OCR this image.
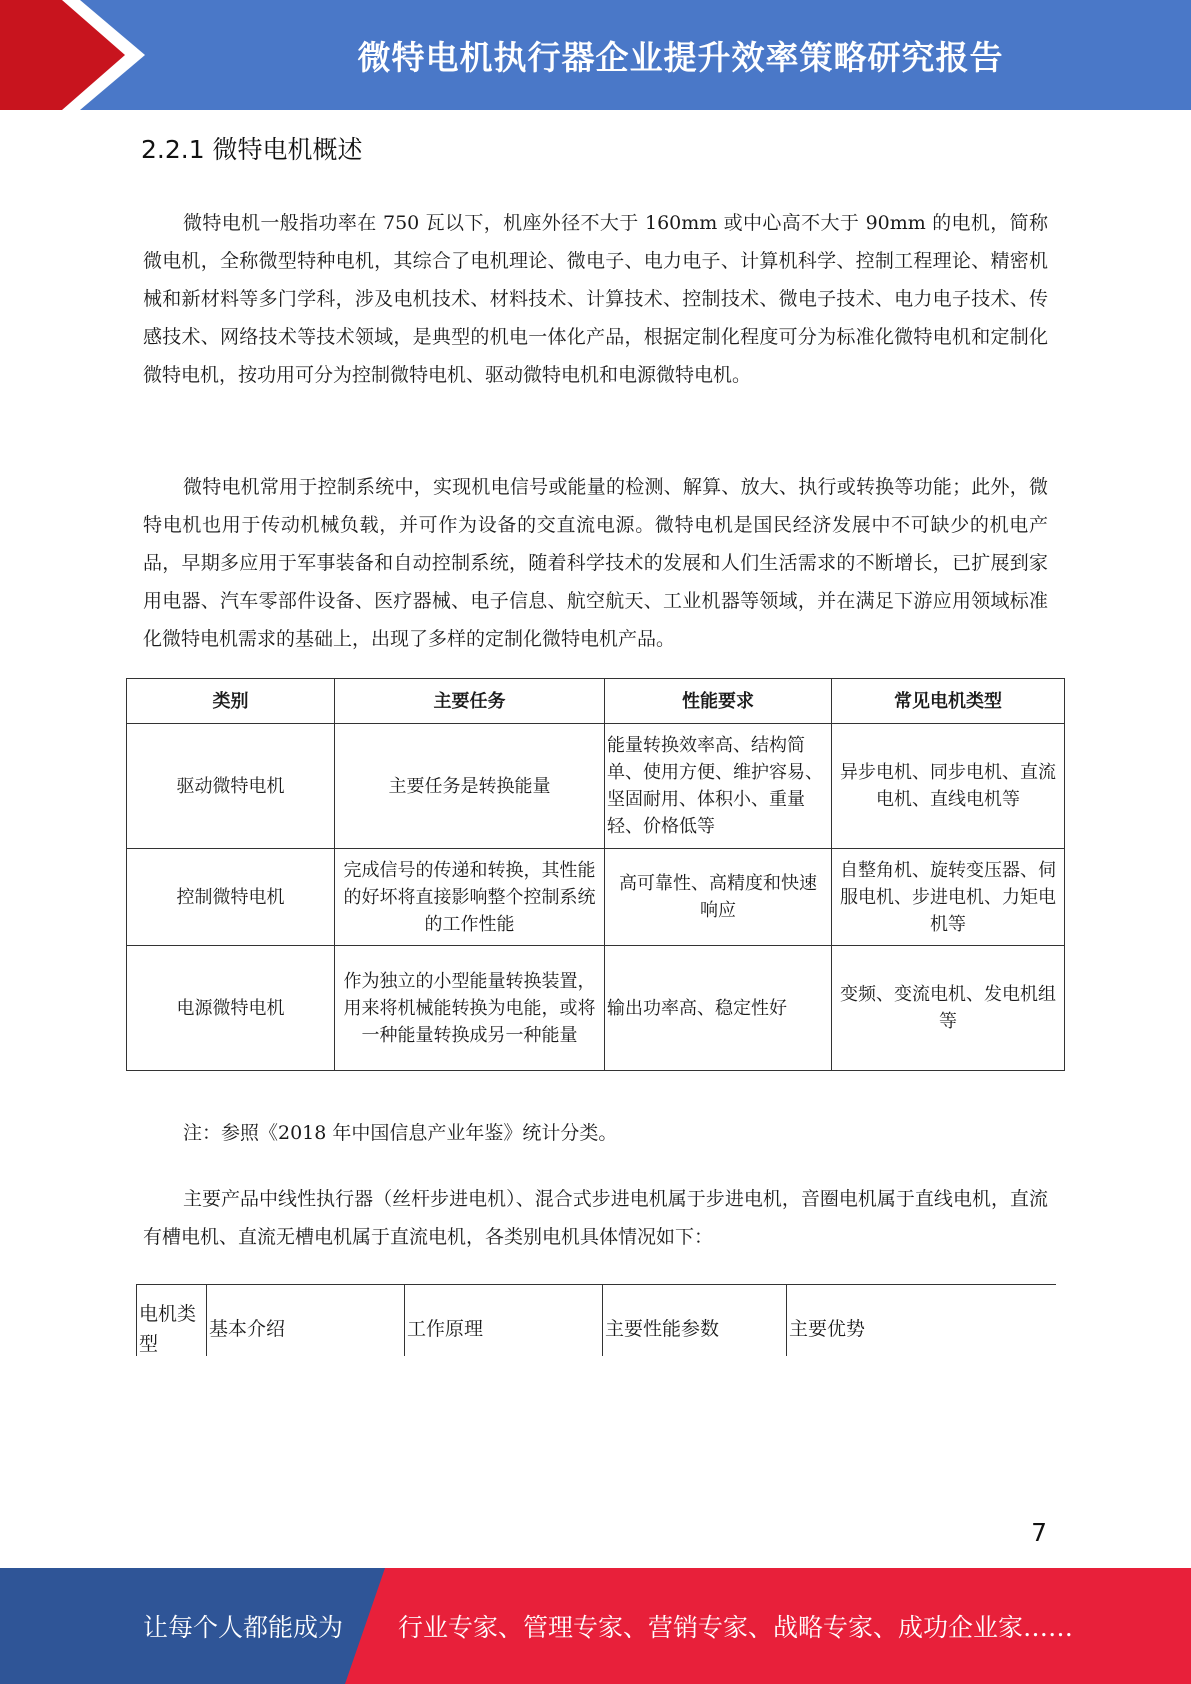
微特电机执行器企业提升效率策略研究报告
2.2.1 微特电机概述

微特电机一般指功率在 750 瓦以下，机座外径不大于 160mm 或中心高不大于 90mm 的电机，简称微电机，全称微型特种电机，其综合了电机理论、微电子、电力电子、计算机科学、控制工程理论、精密机械和新材料等多门学科，涉及电机技术、材料技术、计算技术、控制技术、微电子技术、电力电子技术、传感技术、网络技术等技术领域，是典型的机电一体化产品，根据定制化程度可分为标准化微特电机和定制化微特电机，按功用可分为控制微特电机、驱动微特电机和电源微特电机。

微特电机常用于控制系统中，实现机电信号或能量的检测、解算、放大、执行或转换等功能；此外，微特电机也用于传动机械负载，并可作为设备的交直流电源。微特电机是国民经济发展中不可缺少的机电产品，早期多应用于军事装备和自动控制系统，随着科学技术的发展和人们生活需求的不断增长，已扩展到家用电器、汽车零部件设备、医疗器械、电子信息、航空航天、工业机器等领域，并在满足下游应用领域标准化微特电机需求的基础上，出现了多样的定制化微特电机产品。

类别	主要任务	性能要求	常见电机类型
驱动微特电机	主要任务是转换能量	能量转换效率高、结构简单、使用方便、维护容易、坚固耐用、体积小、重量轻、价格低等	异步电机、同步电机、直流电机、直线电机等
控制微特电机	完成信号的传递和转换，其性能的好坏将直接影响整个控制系统的工作性能	高可靠性、高精度和快速响应	自整角机、旋转变压器、伺服电机、步进电机、力矩电机等
电源微特电机	作为独立的小型能量转换装置，用来将机械能转换为电能，或将一种能量转换成另一种能量	输出功率高、稳定性好	变频、变流电机、发电机组等

注：参照《2018 年中国信息产业年鉴》统计分类。

主要产品中线性执行器（丝杆步进电机）、混合式步进电机属于步进电机，音圈电机属于直线电机，直流有槽电机、直流无槽电机属于直流电机，各类别电机具体情况如下：

电机类型	基本介绍	工作原理	主要性能参数	主要优势
7
让每个人都能成为 行业专家、管理专家、营销专家、战略专家、成功企业家……
